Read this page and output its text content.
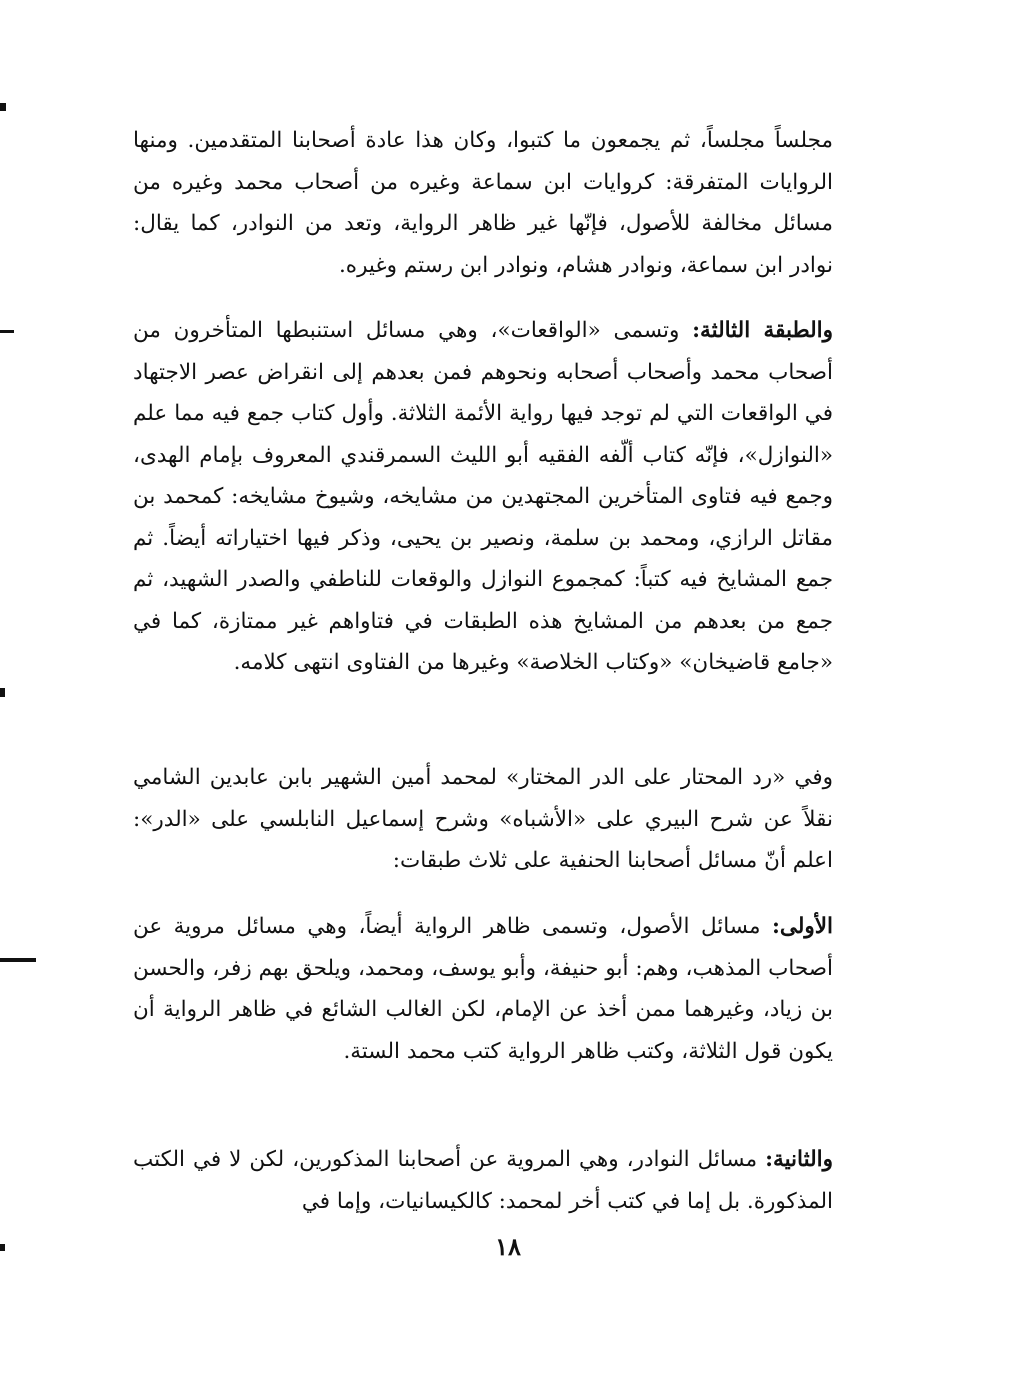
مجلساً مجلساً، ثم يجمعون ما كتبوا، وكان هذا عادة أصحابنا المتقدمين. ومنها الروايات المتفرقة: كروايات ابن سماعة وغيره من أصحاب محمد وغيره من مسائل مخالفة للأصول، فإنّها غير ظاهر الرواية، وتعد من النوادر، كما يقال: نوادر ابن سماعة، ونوادر هشام، ونوادر ابن رستم وغيره.

والطبقة الثالثة: وتسمى «الواقعات»، وهي مسائل استنبطها المتأخرون من أصحاب محمد وأصحاب أصحابه ونحوهم فمن بعدهم إلى انقراض عصر الاجتهاد في الواقعات التي لم توجد فيها رواية الأئمة الثلاثة. وأول كتاب جمع فيه مما علم «النوازل»، فإنّه كتاب ألّفه الفقيه أبو الليث السمرقندي المعروف بإمام الهدى، وجمع فيه فتاوى المتأخرين المجتهدين من مشايخه، وشيوخ مشايخه: كمحمد بن مقاتل الرازي، ومحمد بن سلمة، ونصير بن يحيى، وذكر فيها اختياراته أيضاً. ثم جمع المشايخ فيه كتباً: كمجموع النوازل والوقعات للناطفي والصدر الشهيد، ثم جمع من بعدهم من المشايخ هذه الطبقات في فتاواهم غير ممتازة، كما في «جامع قاضيخان» «وكتاب الخلاصة» وغيرها من الفتاوى انتهى كلامه.

وفي «رد المحتار على الدر المختار» لمحمد أمين الشهير بابن عابدين الشامي نقلاً عن شرح البيري على «الأشباه» وشرح إسماعيل النابلسي على «الدر»: اعلم أنّ مسائل أصحابنا الحنفية على ثلاث طبقات:

الأولى: مسائل الأصول، وتسمى ظاهر الرواية أيضاً، وهي مسائل مروية عن أصحاب المذهب، وهم: أبو حنيفة، وأبو يوسف، ومحمد، ويلحق بهم زفر، والحسن بن زياد، وغيرهما ممن أخذ عن الإمام، لكن الغالب الشائع في ظاهر الرواية أن يكون قول الثلاثة، وكتب ظاهر الرواية كتب محمد الستة.

والثانية: مسائل النوادر، وهي المروية عن أصحابنا المذكورين، لكن لا في الكتب المذكورة. بل إما في كتب أخر لمحمد: كالكيسانيات، وإما في

١٨
